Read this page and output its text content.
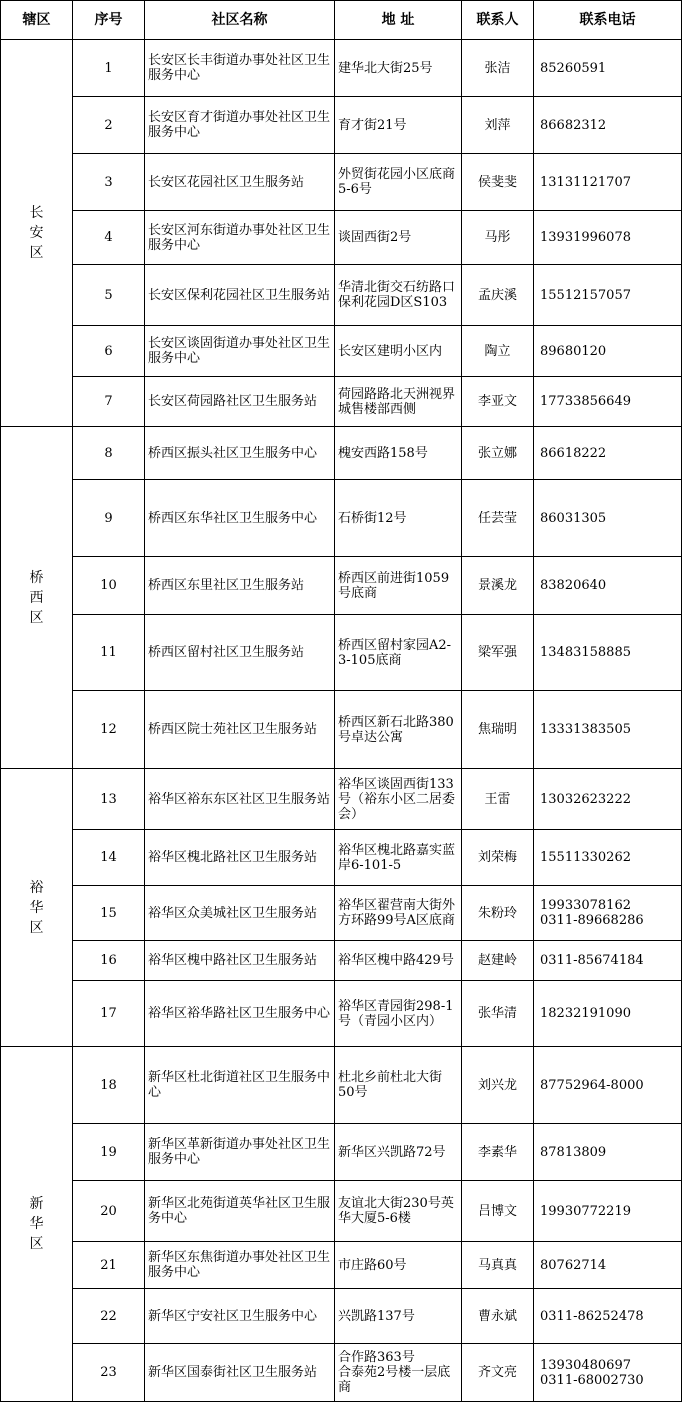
辖区	序号	社区名称	地 址	联系人	联系电话

长
安
区	1	长安区长丰街道办事处社区卫生服务中心	建华北大街25号	张洁	85260591

	2	长安区育才街道办事处社区卫生服务中心	育才街21号	刘萍	86682312

	3	长安区花园社区卫生服务站	外贸街花园小区底商5-6号	侯斐斐	13131121707

	4	长安区河东街道办事处社区卫生服务中心	谈固西街2号	马彤	13931996078

	5	长安区保利花园社区卫生服务站	华清北街交石纺路口保利花园D区S103	孟庆溪	15512157057

	6	长安区谈固街道办事处社区卫生服务中心	长安区建明小区内	陶立	89680120

	7	长安区荷园路社区卫生服务站	荷园路路北天洲视界城售楼部西侧	李亚文	17733856649

桥
西
区	8	桥西区振头社区卫生服务中心	槐安西路158号	张立娜	86618222

	9	桥西区东华社区卫生服务中心	石桥街12号	任芸莹	86031305

	10	桥西区东里社区卫生服务站	桥西区前进街1059号底商	景溪龙	83820640

	11	桥西区留村社区卫生服务站	桥西区留村家园A2-3-105底商	梁军强	13483158885

	12	桥西区院士苑社区卫生服务站	桥西区新石北路380号卓达公寓	焦瑞明	13331383505

裕
华
区	13	裕华区裕东东区社区卫生服务站	裕华区谈固西街133号（裕东小区二居委会）	王雷	13032623222

	14	裕华区槐北路社区卫生服务站	裕华区槐北路嘉实蓝岸6-101-5	刘荣梅	15511330262

	15	裕华区众美城社区卫生服务站	裕华区翟营南大街外方环路99号A区底商	朱粉玲	19933078162
0311-89668286

	16	裕华区槐中路社区卫生服务站	裕华区槐中路429号	赵建岭	0311-85674184

	17	裕华区裕华路社区卫生服务中心	裕华区青园街298-1号（青园小区内）	张华清	18232191090

新
华
区	18	新华区杜北街道社区卫生服务中心	杜北乡前杜北大街50号	刘兴龙	87752964-8000

	19	新华区革新街道办事处社区卫生服务中心	新华区兴凯路72号	李素华	87813809

	20	新华区北苑街道英华社区卫生服务中心	友谊北大街230号英华大厦5-6楼	吕博文	19930772219

	21	新华区东焦街道办事处社区卫生服务中心	市庄路60号	马真真	80762714

	22	新华区宁安社区卫生服务中心	兴凯路137号	曹永斌	0311-86252478

	23	新华区国泰街社区卫生服务站	合作路363号
合泰苑2号楼一层底商	齐文亮	13930480697
0311-68002730
